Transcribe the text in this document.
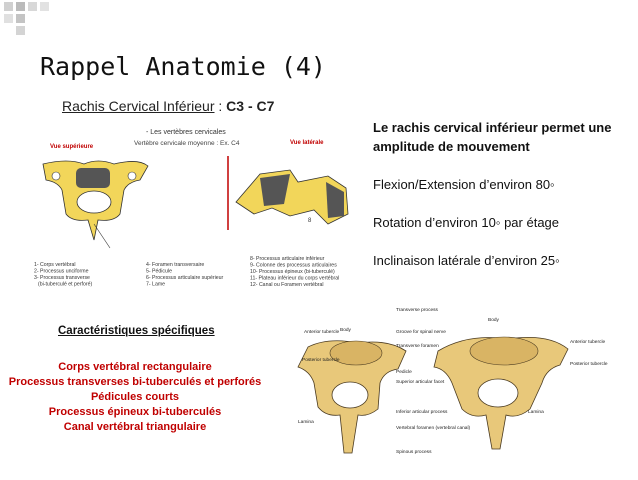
Rappel Anatomie (4)
Rachis Cervical Inférieur : C3 - C7
- Les vertèbres cervicales
Vertèbre cervicale moyenne : Ex. C4
Vue supérieure
Vue latérale
8
1- Corps vertébral 2- Processus unciforme 3- Processus transverse (bi-tuberculé et perforé)
4- Foramen transversaire 5- Pédicule 6- Processus articulaire supérieur 7- Lame
8- Processus articulaire inférieur 9- Colonne des processus articulaires 10- Processus épineux (bi-tuberculé) 11- Plateau inférieur du corps vertébral 12- Canal ou Foramen vertébral

Le rachis cervical inférieur permet une amplitude de mouvement

Flexion/Extension d’environ 80◦

Rotation d’environ 10◦ par étage

Inclinaison latérale d’environ 25◦

Caractéristiques spécifiques
Corps vertébral rectangulaire
Processus transverses bi-tuberculés et perforés
Pédicules courts
Processus épineux bi-tuberculés
Canal vertébral triangulaire
Body
Anterior tubercle
Posterior tubercle
Groove for spinal nerve
Transverse process
Transverse foramen
Pedicle
Superior articular facet
Inferior articular process
Vertebral foramen (vertebral canal)
Spinous process
Lamina
Body
Anterior tubercle
Posterior tubercle
Lamina
